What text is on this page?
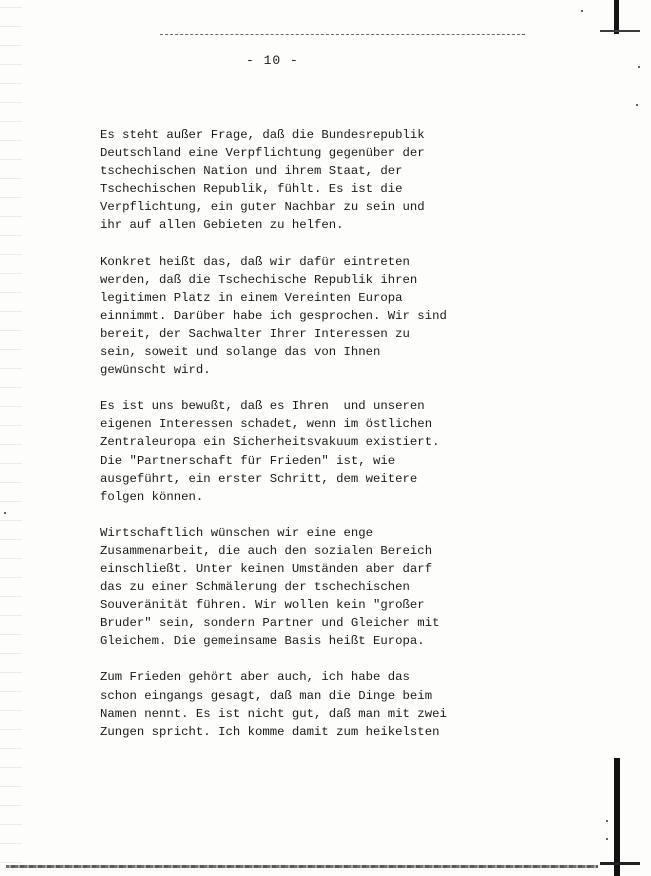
- 10 -
Es steht außer Frage, daß die Bundesrepublik
Deutschland eine Verpflichtung gegenüber der
tschechischen Nation und ihrem Staat, der
Tschechischen Republik, fühlt. Es ist die
Verpflichtung, ein guter Nachbar zu sein und
ihr auf allen Gebieten zu helfen.
Konkret heißt das, daß wir dafür eintreten
werden, daß die Tschechische Republik ihren
legitimen Platz in einem Vereinten Europa
einnimmt. Darüber habe ich gesprochen. Wir sind
bereit, der Sachwalter Ihrer Interessen zu
sein, soweit und solange das von Ihnen
gewünscht wird.
Es ist uns bewußt, daß es Ihren  und unseren
eigenen Interessen schadet, wenn im östlichen
Zentraleuropa ein Sicherheitsvakuum existiert.
Die "Partnerschaft für Frieden" ist, wie
ausgeführt, ein erster Schritt, dem weitere
folgen können.
Wirtschaftlich wünschen wir eine enge
Zusammenarbeit, die auch den sozialen Bereich
einschließt. Unter keinen Umständen aber darf
das zu einer Schmälerung der tschechischen
Souveränität führen. Wir wollen kein "großer
Bruder" sein, sondern Partner und Gleicher mit
Gleichem. Die gemeinsame Basis heißt Europa.
Zum Frieden gehört aber auch, ich habe das
schon eingangs gesagt, daß man die Dinge beim
Namen nennt. Es ist nicht gut, daß man mit zwei
Zungen spricht. Ich komme damit zum heikelsten
